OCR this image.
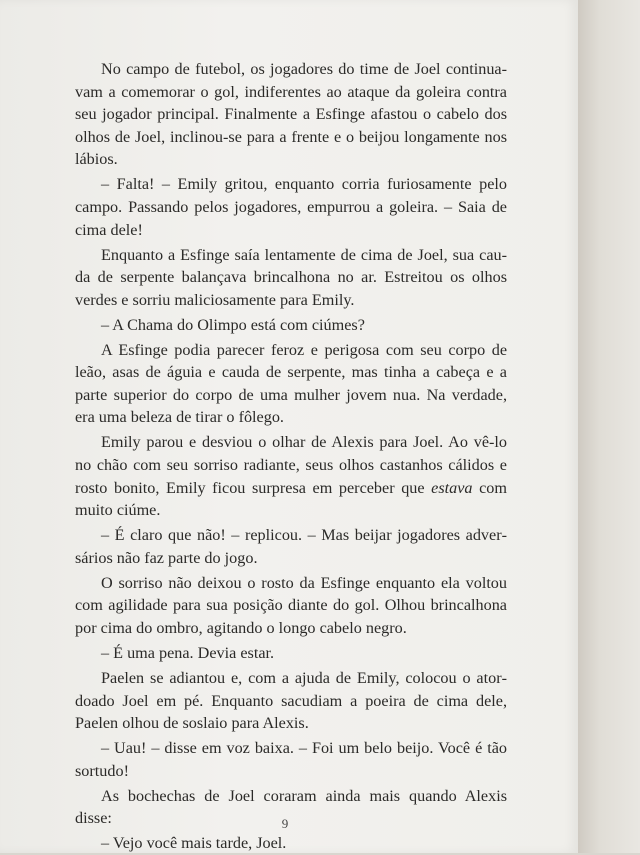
No campo de futebol, os jogadores do time de Joel continuavam a comemorar o gol, indiferentes ao ataque da goleira contra seu jogador principal. Finalmente a Esfinge afastou o cabelo dos olhos de Joel, inclinou-se para a frente e o beijou longamente nos lábios.

– Falta! – Emily gritou, enquanto corria furiosamente pelo campo. Passando pelos jogadores, empurrou a goleira. – Saia de cima dele!

Enquanto a Esfinge saía lentamente de cima de Joel, sua cauda de serpente balançava brincalhona no ar. Estreitou os olhos verdes e sorriu maliciosamente para Emily.

– A Chama do Olimpo está com ciúmes?

A Esfinge podia parecer feroz e perigosa com seu corpo de leão, asas de águia e cauda de serpente, mas tinha a cabeça e a parte superior do corpo de uma mulher jovem nua. Na verdade, era uma beleza de tirar o fôlego.

Emily parou e desviou o olhar de Alexis para Joel. Ao vê-lo no chão com seu sorriso radiante, seus olhos castanhos cálidos e rosto bonito, Emily ficou surpresa em perceber que estava com muito ciúme.

– É claro que não! – replicou. – Mas beijar jogadores adversários não faz parte do jogo.

O sorriso não deixou o rosto da Esfinge enquanto ela voltou com agilidade para sua posição diante do gol. Olhou brincalhona por cima do ombro, agitando o longo cabelo negro.

– É uma pena. Devia estar.

Paelen se adiantou e, com a ajuda de Emily, colocou o atordoado Joel em pé. Enquanto sacudiam a poeira de cima dele, Paelen olhou de soslaio para Alexis.

– Uau! – disse em voz baixa. – Foi um belo beijo. Você é tão sortudo!

As bochechas de Joel coraram ainda mais quando Alexis disse:

– Vejo você mais tarde, Joel.

9
